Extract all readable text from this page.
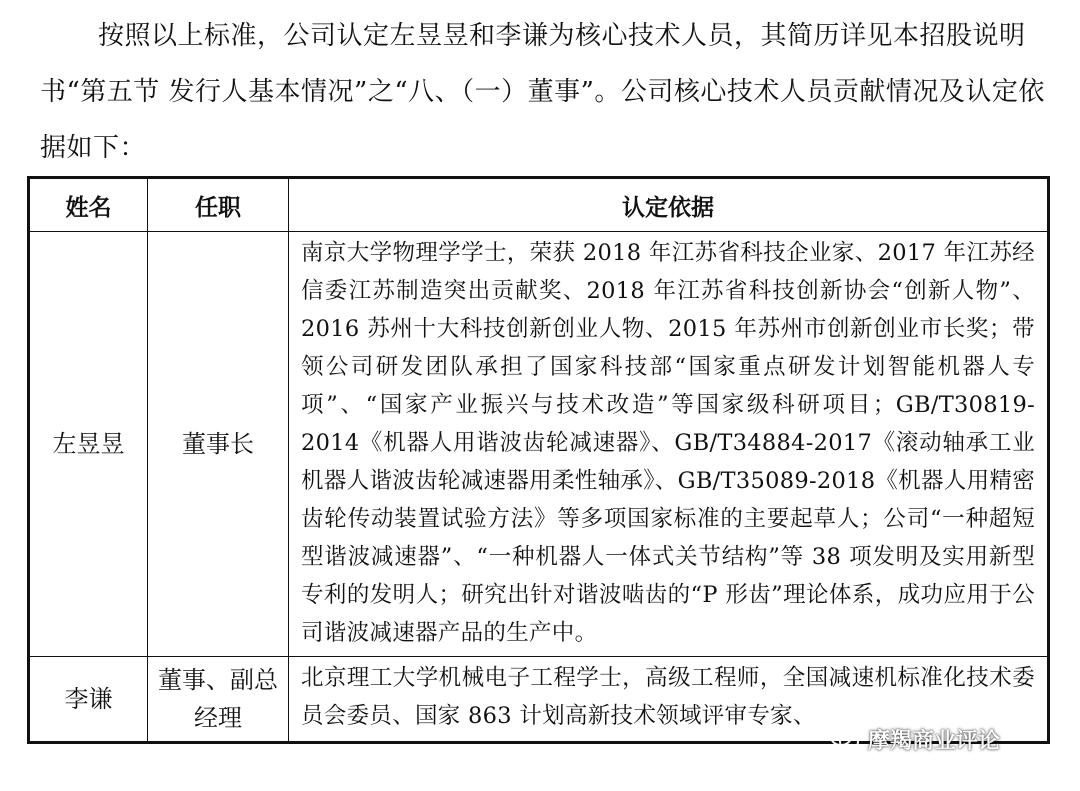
按照以上标准，公司认定左昱昱和李谦为核心技术人员，其简历详见本招股说明书“第五节 发行人基本情况”之“八、（一）董事”。公司核心技术人员贡献情况及认定依据如下：

姓名	任职	认定依据
左昱昱	董事长	南京大学物理学学士，荣获 2018 年江苏省科技企业家、2017 年江苏经信委江苏制造突出贡献奖、2018 年江苏省科技创新协会“创新人物”、2016 苏州十大科技创新创业人物、2015 年苏州市创新创业市长奖；带领公司研发团队承担了国家科技部“国家重点研发计划智能机器人专项”、“国家产业振兴与技术改造”等国家级科研项目；GB/T30819-2014《机器人用谐波齿轮减速器》、GB/T34884-2017《滚动轴承工业机器人谐波齿轮减速器用柔性轴承》、GB/T35089-2018《机器人用精密齿轮传动装置试验方法》等多项国家标准的主要起草人；公司“一种超短型谐波减速器”、“一种机器人一体式关节结构”等 38 项发明及实用新型专利的发明人；研究出针对谐波啮齿的“P 形齿”理论体系，成功应用于公司谐波减速器产品的生产中。
李谦	董事、副总经理	北京理工大学机械电子工程学士，高级工程师，全国减速机标准化技术委员会委员、国家 863 计划高新技术领域评审专家、
摩羯商业评论
